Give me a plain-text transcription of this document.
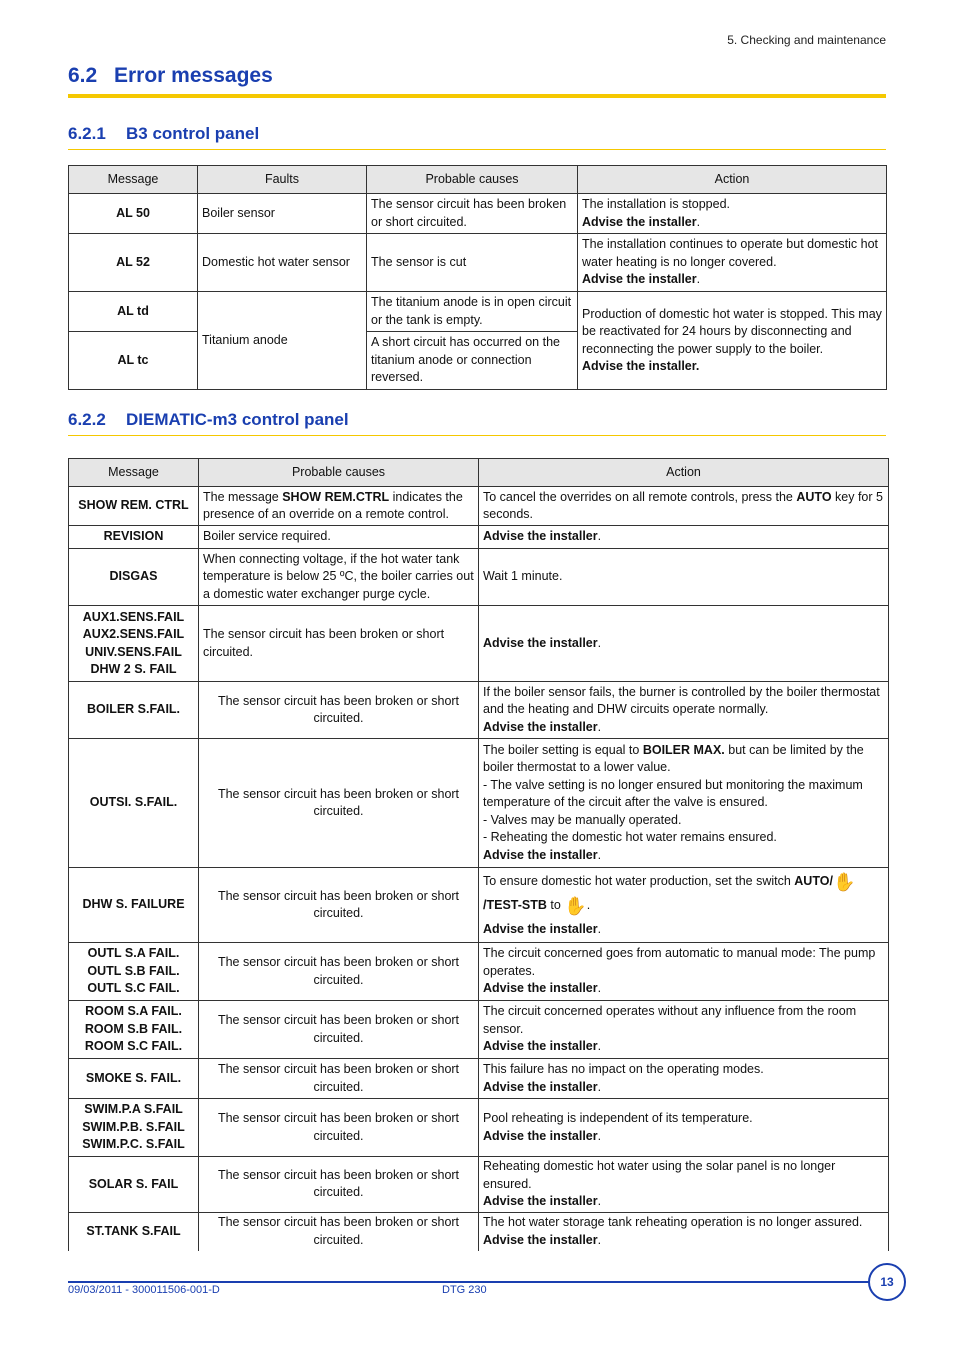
5. Checking and maintenance
6.2 Error messages
6.2.1 B3 control panel
Message	Faults	Probable causes	Action
AL 50	Boiler sensor	The sensor circuit has been broken or short circuited.	The installation is stopped.
Advise the installer.
AL 52	Domestic hot water sensor	The sensor is cut	The installation continues to operate but domestic hot water heating is no longer covered.
Advise the installer.
AL td	Titanium anode	The titanium anode is in open circuit or the tank is empty.	Production of domestic hot water is stopped. This may be reactivated for 24 hours by disconnecting and reconnecting the power supply to the boiler.
Advise the installer.
AL tc		A short circuit has occurred on the titanium anode or connection reversed.	
6.2.2 DIEMATIC-m3 control panel
Message	Probable causes	Action
SHOW REM. CTRL	The message SHOW REM.CTRL indicates the presence of an override on a remote control.	To cancel the overrides on all remote controls, press the AUTO key for 5 seconds.
REVISION	Boiler service required.	Advise the installer.
DISGAS	When connecting voltage, if the hot water tank temperature is below 25 ºC, the boiler carries out a domestic water exchanger purge cycle.	Wait 1 minute.

AUX1.SENS.FAIL
AUX2.SENS.FAIL
UNIV.SENS.FAIL
DHW 2 S. FAIL	The sensor circuit has been broken or short circuited.	Advise the installer.
BOILER S.FAIL.	The sensor circuit has been broken or short circuited.	If the boiler sensor fails, the burner is controlled by the boiler thermostat and the heating and DHW circuits operate normally.
Advise the installer.
OUTSI. S.FAIL.	The sensor circuit has been broken or short circuited.	The boiler setting is equal to BOILER MAX. but can be limited by the boiler thermostat to a lower value.
- The valve setting is no longer ensured but monitoring the maximum temperature of the circuit after the valve is ensured.
- Valves may be manually operated.
- Reheating the domestic hot water remains ensured.
Advise the installer.
DHW S. FAILURE	The sensor circuit has been broken or short circuited.	To ensure domestic hot water production, set the switch AUTO/✋/TEST-STB to ✋.
Advise the installer.

OUTL S.A FAIL.
OUTL S.B FAIL.
OUTL S.C FAIL.	The sensor circuit has been broken or short circuited.	The circuit concerned goes from automatic to manual mode: The pump operates.
Advise the installer.

ROOM S.A FAIL.
ROOM S.B FAIL.
ROOM S.C FAIL.	The sensor circuit has been broken or short circuited.	The circuit concerned operates without any influence from the room sensor.
Advise the installer.
SMOKE S. FAIL.	The sensor circuit has been broken or short circuited.	This failure has no impact on the operating modes.
Advise the installer.

SWIM.P.A S.FAIL
SWIM.P.B. S.FAIL
SWIM.P.C. S.FAIL	The sensor circuit has been broken or short circuited.	Pool reheating is independent of its temperature.
Advise the installer.
SOLAR S. FAIL	The sensor circuit has been broken or short circuited.	Reheating domestic hot water using the solar panel is no longer ensured.
Advise the installer.
ST.TANK S.FAIL	The sensor circuit has been broken or short circuited.	The hot water storage tank reheating operation is no longer assured.
Advise the installer.
09/03/2011 - 300011506-001-D	DTG 230
13
